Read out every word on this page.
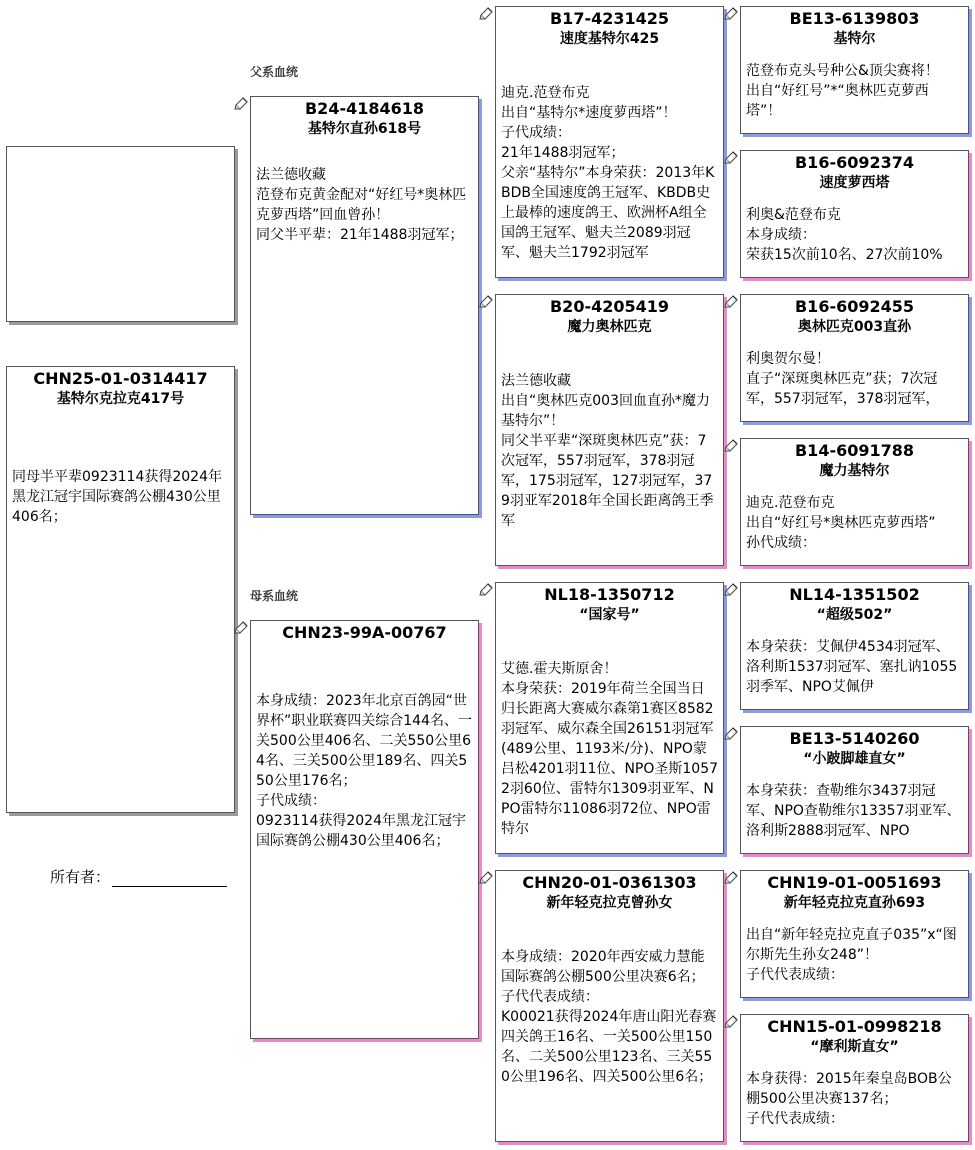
CHN25-01-0314417
基特尔克拉克417号
同母半平辈0923114获得2024年黑龙江冠宇国际赛鸽公棚430公里406名；
所有者：
父系血统
母系血统
B24-4184618
基特尔直孙618号
法兰德收藏
范登布克黄金配对“好红号*奥林匹克萝西塔”回血曾孙！
同父半平辈：21年1488羽冠军；
CHN23-99A-00767
本身成绩：2023年北京百鸽园“世界杯”职业联赛四关综合144名、一关500公里406名、二关550公里64名、三关500公里189名、四关550公里176名；
子代成绩：
0923114获得2024年黑龙江冠宇国际赛鸽公棚430公里406名；
B17-4231425
速度基特尔425
迪克.范登布克
出自“基特尔*速度萝西塔”！
子代成绩：
21年1488羽冠军；
父亲“基特尔”本身荣获：2013年KBDB全国速度鸽王冠军、KBDB史上最棒的速度鸽王、欧洲杯A组全国鸽王冠军、魁夫兰2089羽冠军、魁夫兰1792羽冠军
B20-4205419
魔力奥林匹克
法兰德收藏
出自“奥林匹克003回血直孙*魔力基特尔”！
同父半平辈“深斑奥林匹克”获：7次冠军，557羽冠军，378羽冠军，175羽冠军，127羽冠军，379羽亚军2018年全国长距离鸽王季军
NL18-1350712
“国家号”
艾德.霍夫斯原舍！
本身荣获：2019年荷兰全国当日归长距离大赛威尔森第1赛区8582羽冠军、威尔森全国26151羽冠军(489公里、1193米/分)、NPO蒙吕松4201羽11位、NPO圣斯10572羽60位、雷特尔1309羽亚军、NPO雷特尔11086羽72位、NPO雷特尔
CHN20-01-0361303
新年轻克拉克曾孙女
本身成绩：2020年西安威力慧能国际赛鸽公棚500公里决赛6名；
子代代表成绩：
K00021获得2024年唐山阳光春赛四关鸽王16名、一关500公里150名、二关500公里123名、三关550公里196名、四关500公里6名；
BE13-6139803
基特尔
范登布克头号种公&顶尖赛将！
出自“好红号”*“奥林匹克萝西塔”！
B16-6092374
速度萝西塔
利奥&范登布克
本身成绩：
荣获15次前10名、27次前10%
B16-6092455
奥林匹克003直孙
利奥贺尔曼！
直子“深斑奥林匹克”获；7次冠军，557羽冠军，378羽冠军，
B14-6091788
魔力基特尔
迪克.范登布克
出自“好红号*奥林匹克萝西塔”
孙代成绩：
NL14-1351502
“超级502”
本身荣获：艾佩伊4534羽冠军、洛利斯1537羽冠军、塞扎讷1055羽季军、NPO艾佩伊
BE13-5140260
“小跛脚雄直女”
本身荣获：查勒维尔3437羽冠军、NPO查勒维尔13357羽亚军、洛利斯2888羽冠军、NPO
CHN19-01-0051693
新年轻克拉克直孙693
出自“新年轻克拉克直子035”x“图尔斯先生孙女248”！
子代代表成绩：
CHN15-01-0998218
“摩利斯直女”
本身获得：2015年秦皇岛BOB公棚500公里决赛137名；
子代代表成绩：
